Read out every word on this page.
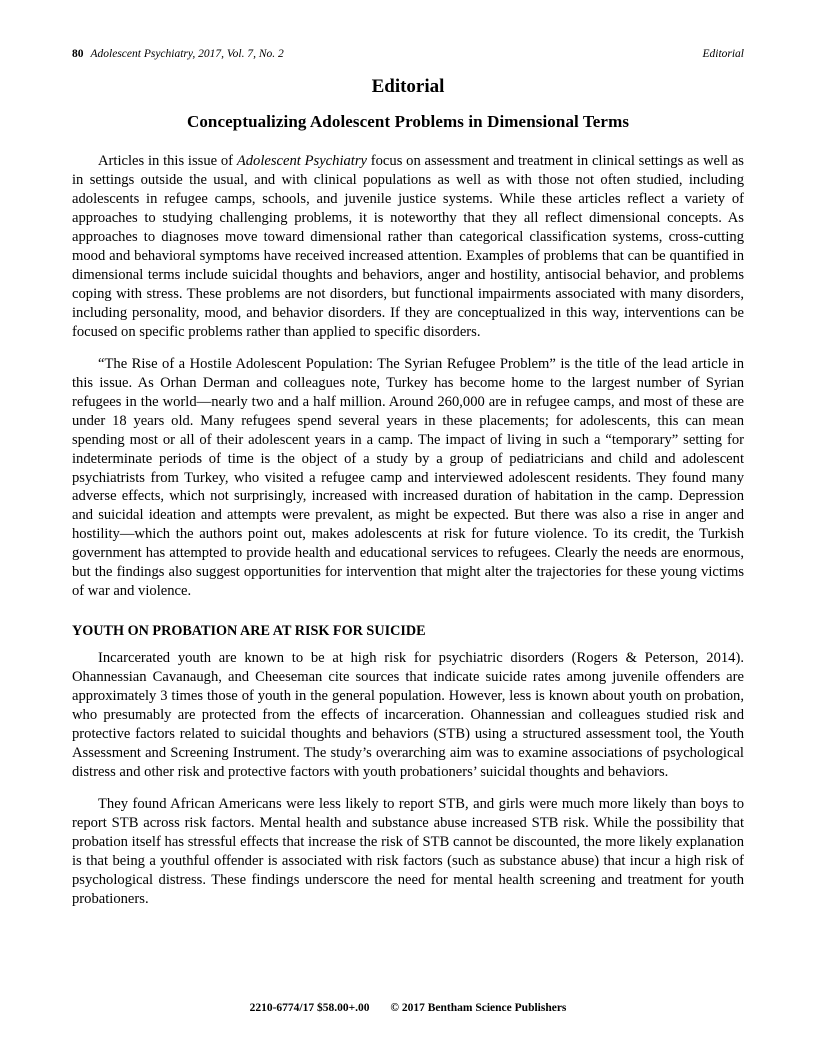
80 Adolescent Psychiatry, 2017, Vol. 7, No. 2	Editorial
Editorial
Conceptualizing Adolescent Problems in Dimensional Terms

Articles in this issue of Adolescent Psychiatry focus on assessment and treatment in clinical settings as well as in settings outside the usual, and with clinical populations as well as with those not often studied, including adolescents in refugee camps, schools, and juvenile justice systems. While these articles reflect a variety of approaches to studying challenging problems, it is noteworthy that they all reflect dimensional concepts. As approaches to diagnoses move toward dimensional rather than categorical classification systems, cross-cutting mood and behavioral symptoms have received increased attention. Examples of problems that can be quantified in dimensional terms include suicidal thoughts and behaviors, anger and hostility, antisocial behavior, and problems coping with stress. These problems are not disorders, but functional impairments associated with many disorders, including personality, mood, and behavior disorders. If they are conceptualized in this way, interventions can be focused on specific problems rather than applied to specific disorders.

“The Rise of a Hostile Adolescent Population: The Syrian Refugee Problem” is the title of the lead article in this issue. As Orhan Derman and colleagues note, Turkey has become home to the largest number of Syrian refugees in the world—nearly two and a half million. Around 260,000 are in refugee camps, and most of these are under 18 years old. Many refugees spend several years in these placements; for adolescents, this can mean spending most or all of their adolescent years in a camp. The impact of living in such a “temporary” setting for indeterminate periods of time is the object of a study by a group of pediatricians and child and adolescent psychiatrists from Turkey, who visited a refugee camp and interviewed adolescent residents. They found many adverse effects, which not surprisingly, increased with increased duration of habitation in the camp. Depression and suicidal ideation and attempts were prevalent, as might be expected. But there was also a rise in anger and hostility—which the authors point out, makes adolescents at risk for future violence. To its credit, the Turkish government has attempted to provide health and educational services to refugees. Clearly the needs are enormous, but the findings also suggest opportunities for intervention that might alter the trajectories for these young victims of war and violence.

YOUTH ON PROBATION ARE AT RISK FOR SUICIDE

Incarcerated youth are known to be at high risk for psychiatric disorders (Rogers & Peterson, 2014). Ohannessian Cavanaugh, and Cheeseman cite sources that indicate suicide rates among juvenile offenders are approximately 3 times those of youth in the general population. However, less is known about youth on probation, who presumably are protected from the effects of incarceration. Ohannessian and colleagues studied risk and protective factors related to suicidal thoughts and behaviors (STB) using a structured assessment tool, the Youth Assessment and Screening Instrument. The study’s overarching aim was to examine associations of psychological distress and other risk and protective factors with youth probationers’ suicidal thoughts and behaviors.

They found African Americans were less likely to report STB, and girls were much more likely than boys to report STB across risk factors. Mental health and substance abuse increased STB risk. While the possibility that probation itself has stressful effects that increase the risk of STB cannot be discounted, the more likely explanation is that being a youthful offender is associated with risk factors (such as substance abuse) that incur a high risk of psychological distress. These findings underscore the need for mental health screening and treatment for youth probationers.

2210-6774/17 $58.00+.00 © 2017 Bentham Science Publishers
